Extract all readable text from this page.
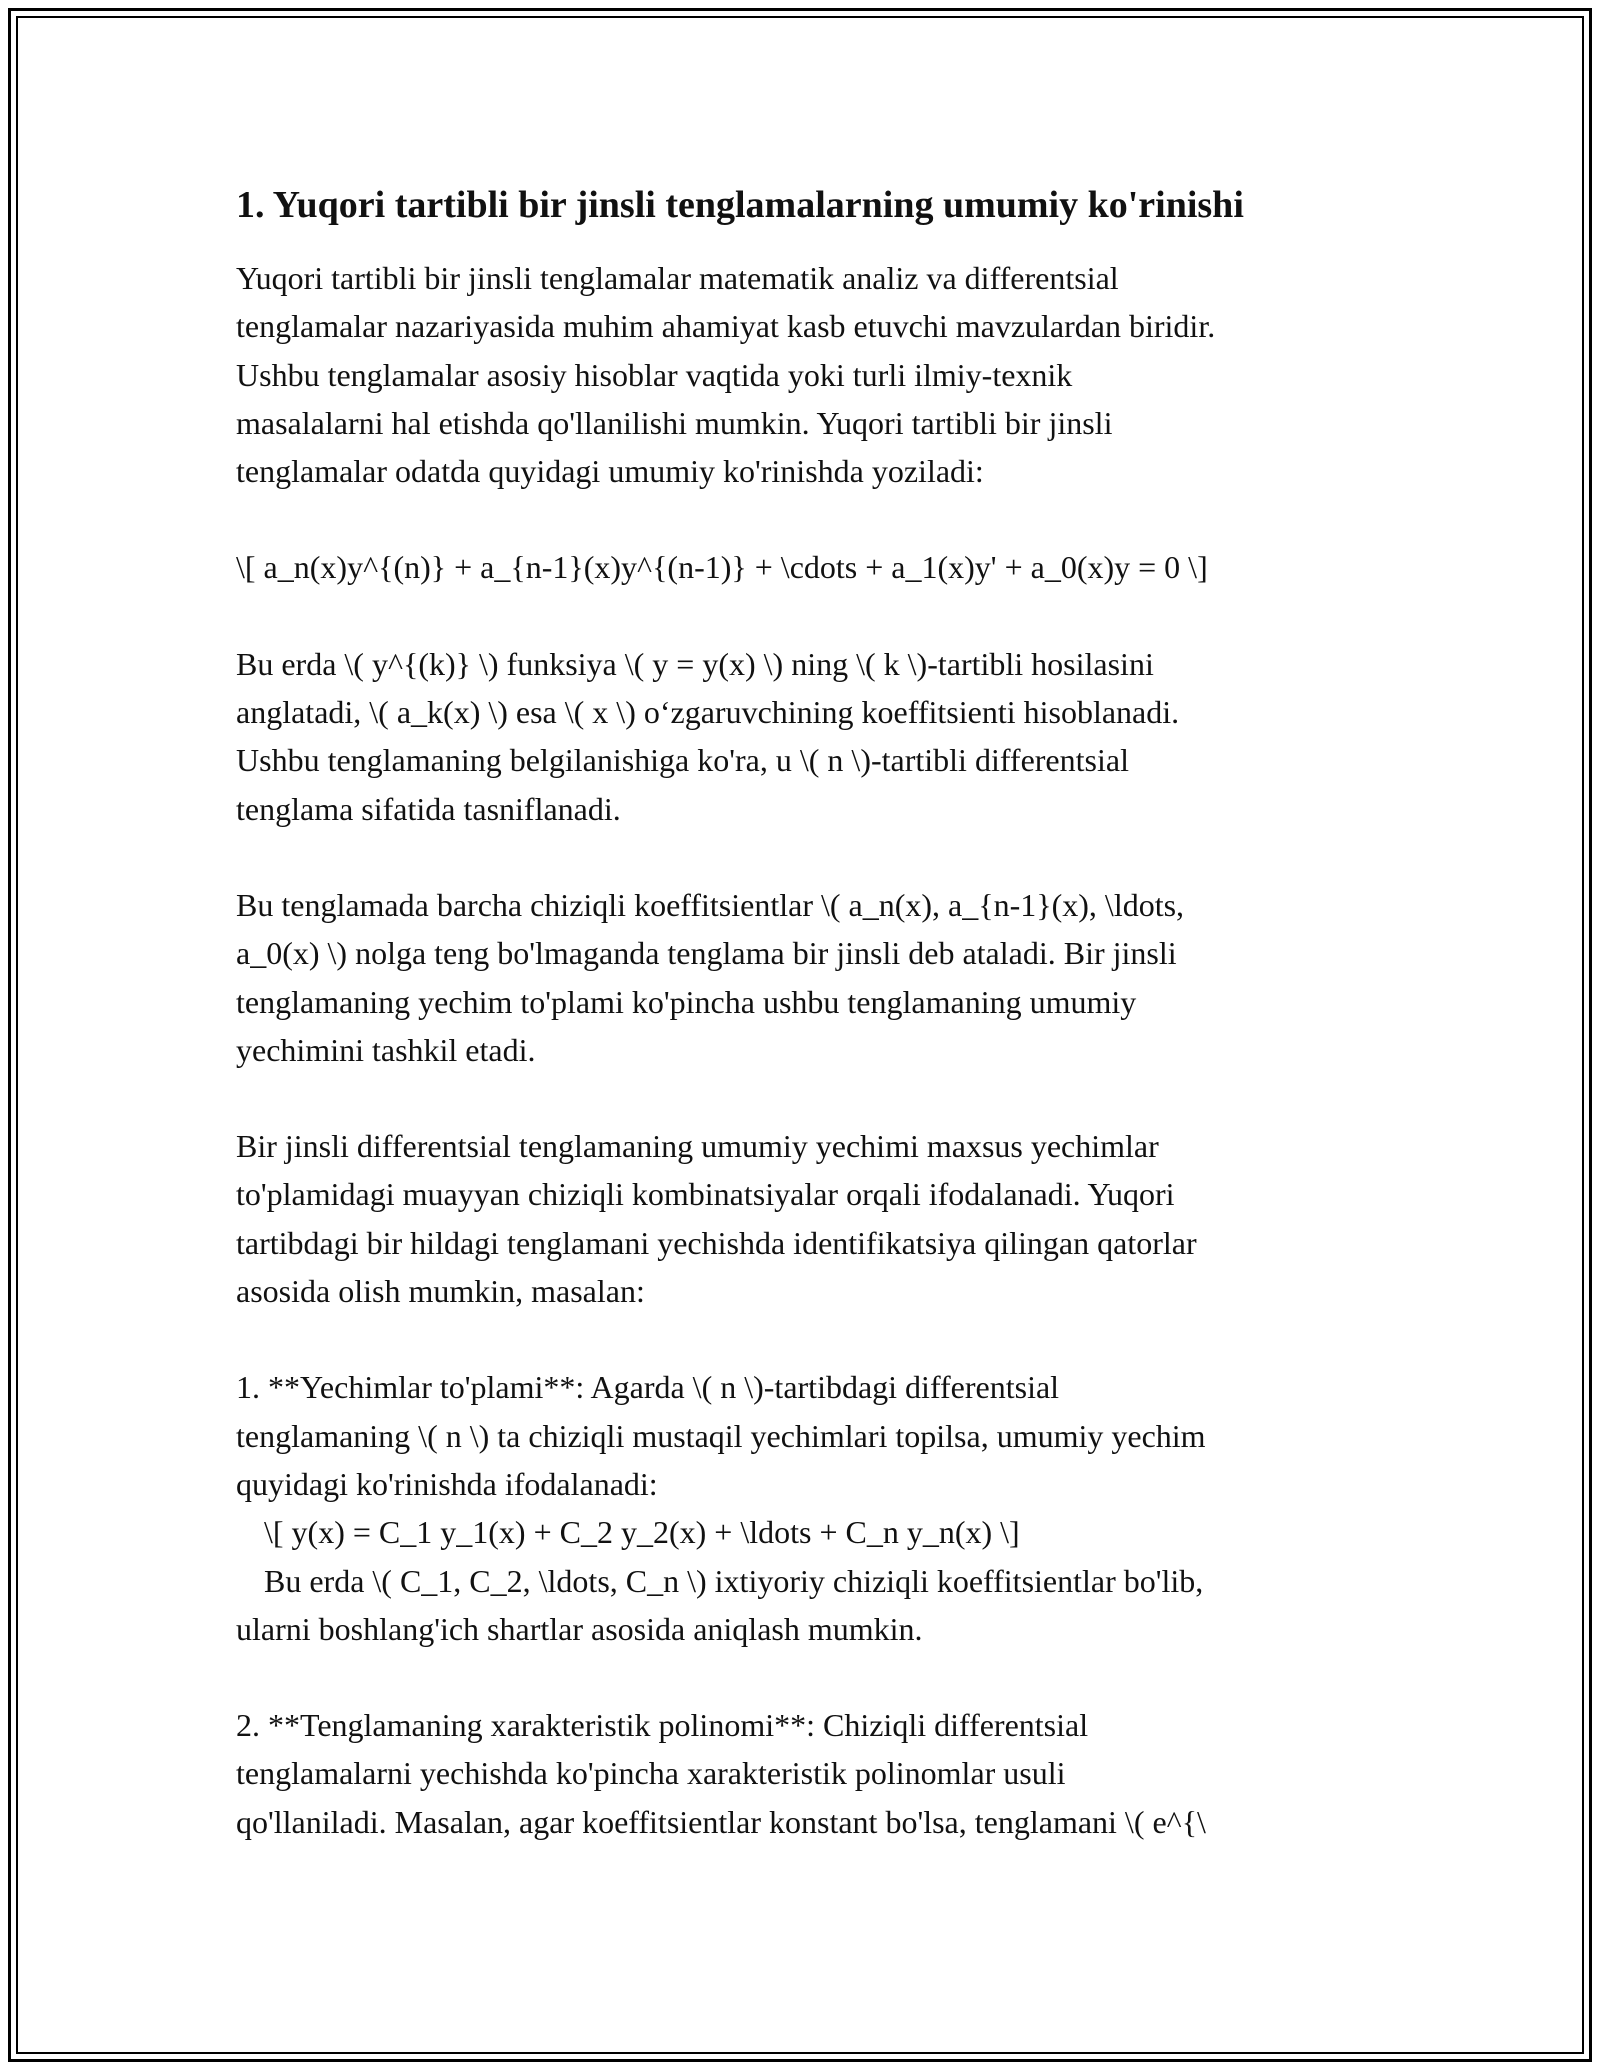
1. Yuqori tartibli bir jinsli tenglamalarning umumiy ko'rinishi

Yuqori tartibli bir jinsli tenglamalar matematik analiz va differentsial
tenglamalar nazariyasida muhim ahamiyat kasb etuvchi mavzulardan biridir.
Ushbu tenglamalar asosiy hisoblar vaqtida yoki turli ilmiy-texnik
masalalarni hal etishda qo'llanilishi mumkin. Yuqori tartibli bir jinsli
tenglamalar odatda quyidagi umumiy ko'rinishda yoziladi:

\[ a_n(x)y^{(n)} + a_{n-1}(x)y^{(n-1)} + \cdots + a_1(x)y' + a_0(x)y = 0 \]

Bu erda \( y^{(k)} \) funksiya \( y = y(x) \) ning \( k \)-tartibli hosilasini
anglatadi, \( a_k(x) \) esa \( x \) o‘zgaruvchining koeffitsienti hisoblanadi.
Ushbu tenglamaning belgilanishiga ko'ra, u \( n \)-tartibli differentsial
tenglama sifatida tasniflanadi.

Bu tenglamada barcha chiziqli koeffitsientlar \( a_n(x), a_{n-1}(x), \ldots,
a_0(x) \) nolga teng bo'lmaganda tenglama bir jinsli deb ataladi. Bir jinsli
tenglamaning yechim to'plami ko'pincha ushbu tenglamaning umumiy
yechimini tashkil etadi.

Bir jinsli differentsial tenglamaning umumiy yechimi maxsus yechimlar
to'plamidagi muayyan chiziqli kombinatsiyalar orqali ifodalanadi. Yuqori
tartibdagi bir hildagi tenglamani yechishda identifikatsiya qilingan qatorlar
asosida olish mumkin, masalan:

1. **Yechimlar to'plami**: Agarda \( n \)-tartibdagi differentsial
tenglamaning \( n \) ta chiziqli mustaqil yechimlari topilsa, umumiy yechim
quyidagi ko'rinishda ifodalanadi:
\[ y(x) = C_1 y_1(x) + C_2 y_2(x) + \ldots + C_n y_n(x) \]
Bu erda \( C_1, C_2, \ldots, C_n \) ixtiyoriy chiziqli koeffitsientlar bo'lib,
ularni boshlang'ich shartlar asosida aniqlash mumkin.

2. **Tenglamaning xarakteristik polinomi**: Chiziqli differentsial
tenglamalarni yechishda ko'pincha xarakteristik polinomlar usuli
qo'llaniladi. Masalan, agar koeffitsientlar konstant bo'lsa, tenglamani \( e^{\
